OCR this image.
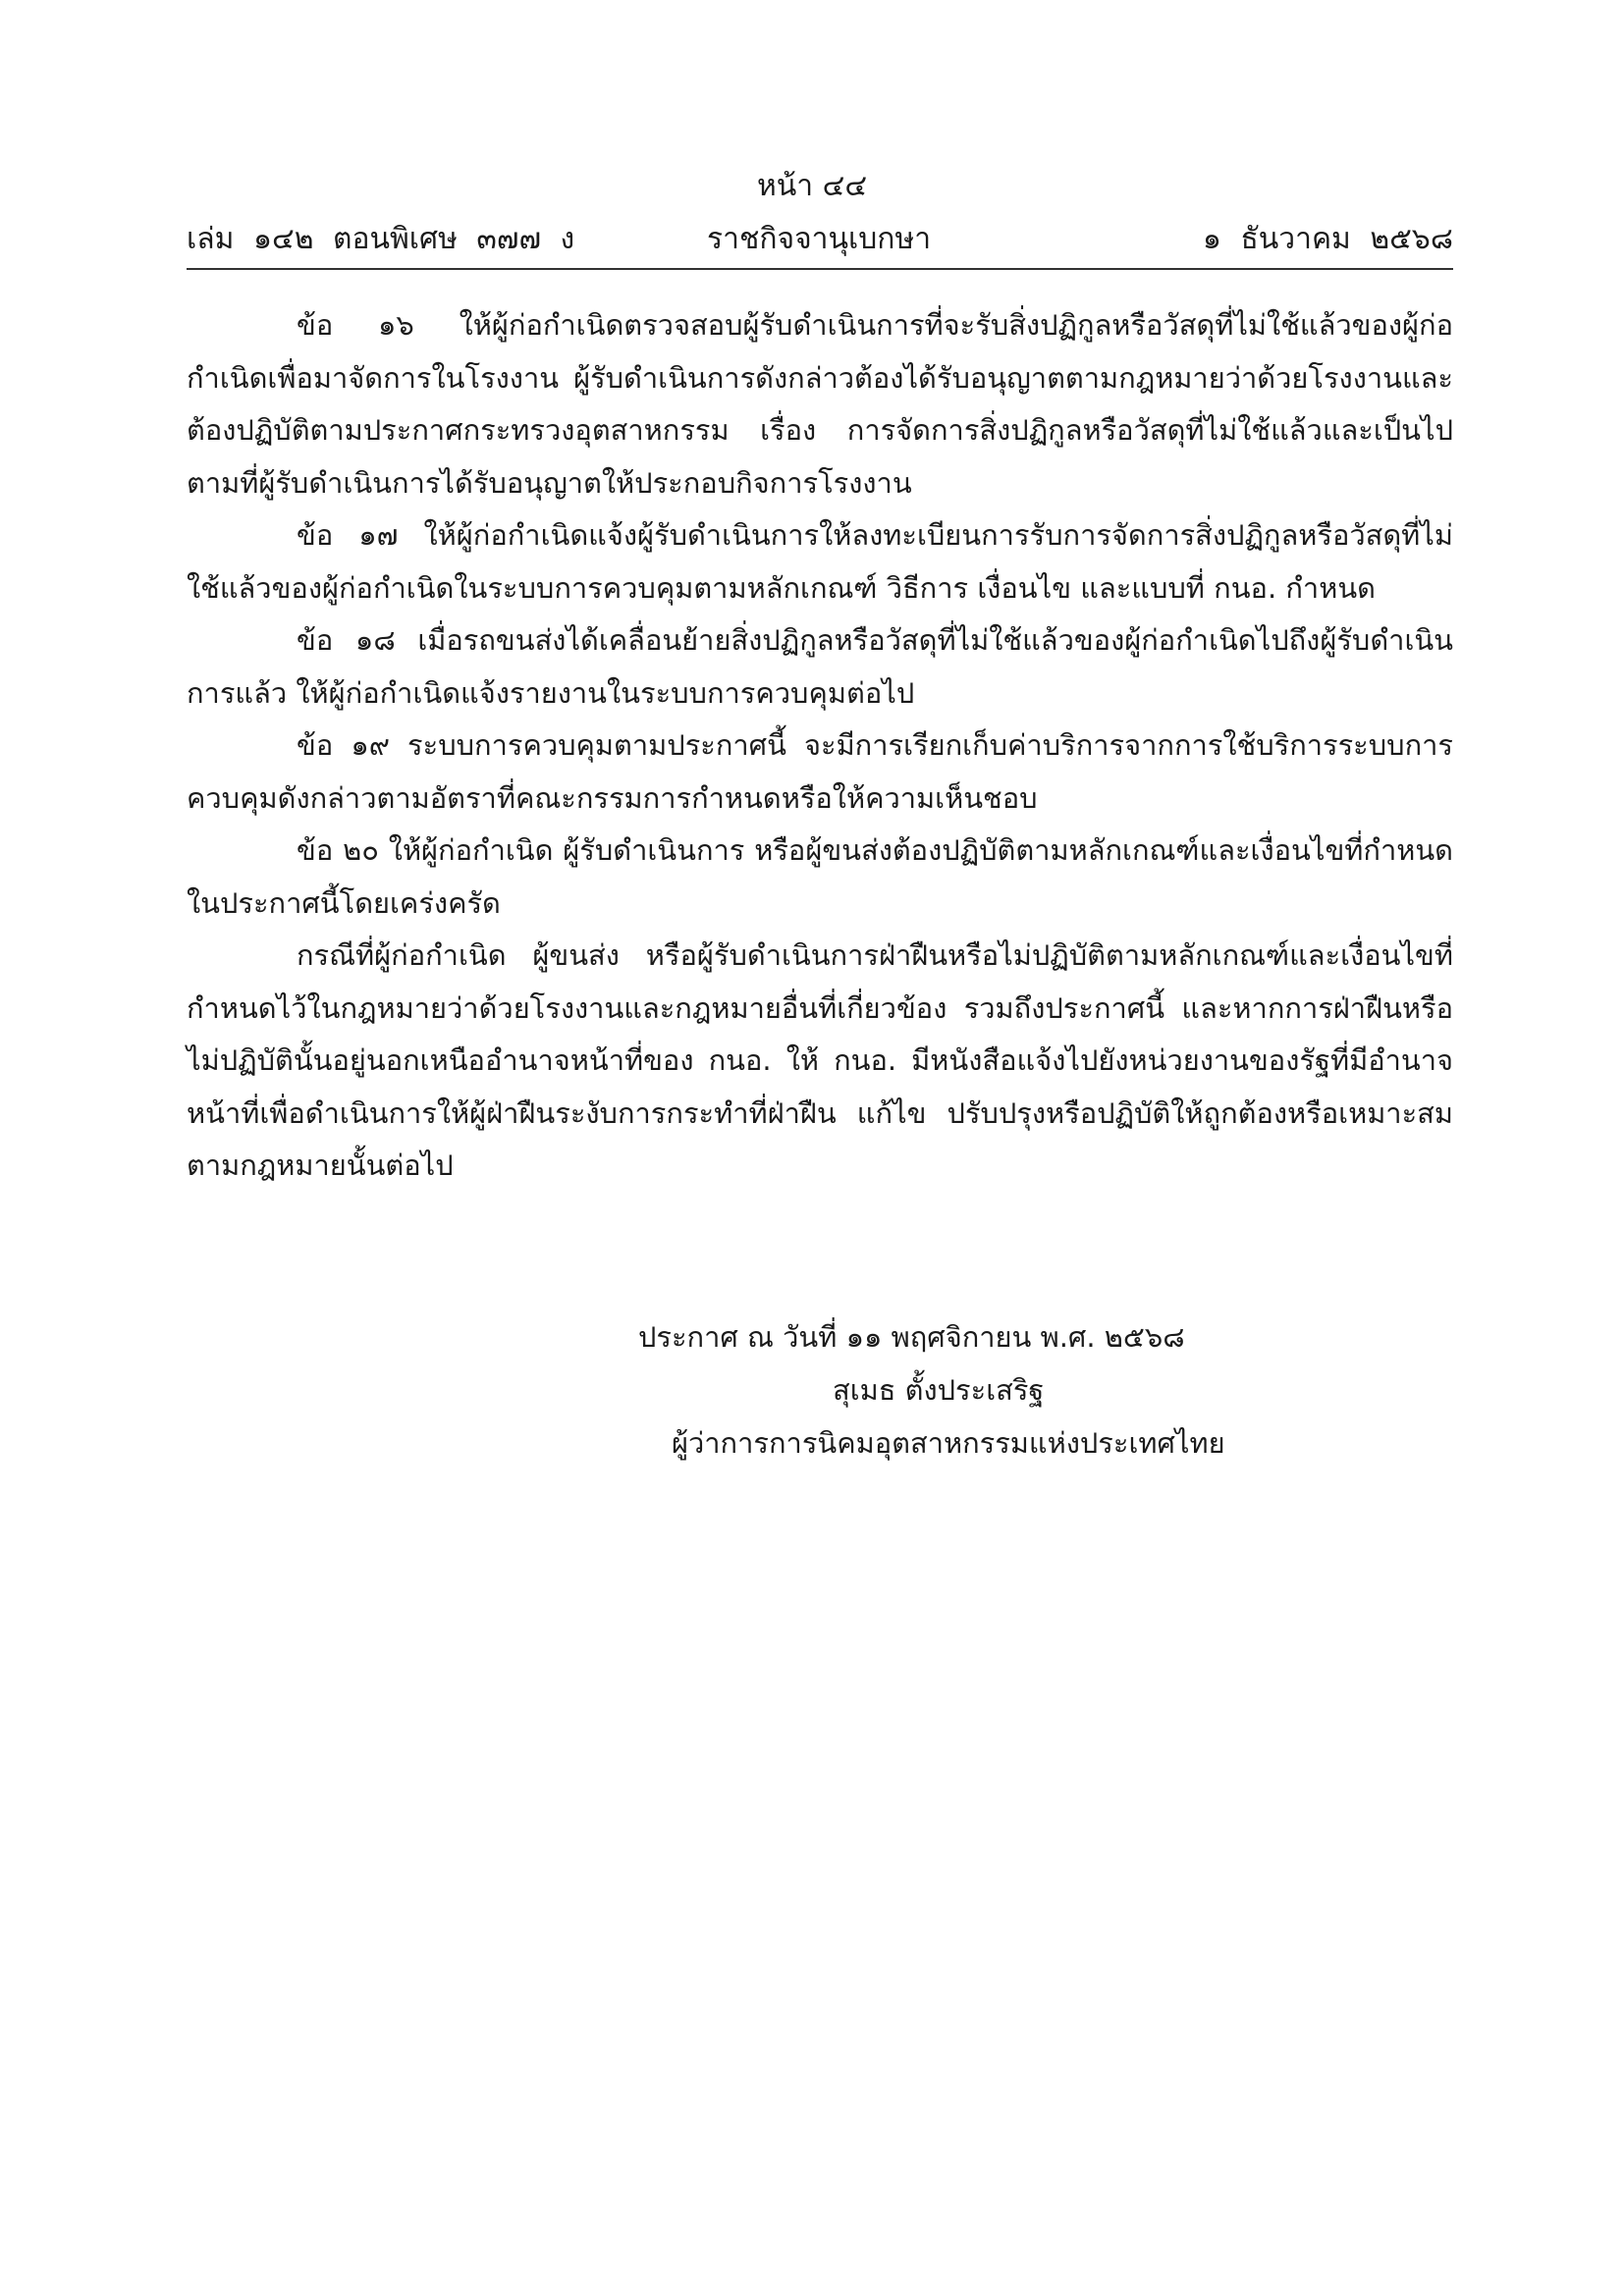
หน้า ๔๔
เล่ม ๑๔๒ ตอนพิเศษ ๓๗๗ ง	ราชกิจจานุเบกษา	๑ ธันวาคม ๒๕๖๘

ข้อ ๑๖ ให้ผู้ก่อกำเนิดตรวจสอบผู้รับดำเนินการที่จะรับสิ่งปฏิกูลหรือวัสดุที่ไม่ใช้แล้วของผู้ก่อกำเนิดเพื่อมาจัดการในโรงงาน ผู้รับดำเนินการดังกล่าวต้องได้รับอนุญาตตามกฎหมายว่าด้วยโรงงานและต้องปฏิบัติตามประกาศกระทรวงอุตสาหกรรม เรื่อง การจัดการสิ่งปฏิกูลหรือวัสดุที่ไม่ใช้แล้วและเป็นไปตามที่ผู้รับดำเนินการได้รับอนุญาตให้ประกอบกิจการโรงงาน

ข้อ ๑๗ ให้ผู้ก่อกำเนิดแจ้งผู้รับดำเนินการให้ลงทะเบียนการรับการจัดการสิ่งปฏิกูลหรือวัสดุที่ไม่ใช้แล้วของผู้ก่อกำเนิดในระบบการควบคุมตามหลักเกณฑ์ วิธีการ เงื่อนไข และแบบที่ กนอ. กำหนด

ข้อ ๑๘ เมื่อรถขนส่งได้เคลื่อนย้ายสิ่งปฏิกูลหรือวัสดุที่ไม่ใช้แล้วของผู้ก่อกำเนิดไปถึงผู้รับดำเนินการแล้ว ให้ผู้ก่อกำเนิดแจ้งรายงานในระบบการควบคุมต่อไป

ข้อ ๑๙ ระบบการควบคุมตามประกาศนี้ จะมีการเรียกเก็บค่าบริการจากการใช้บริการระบบการควบคุมดังกล่าวตามอัตราที่คณะกรรมการกำหนดหรือให้ความเห็นชอบ

ข้อ ๒๐ ให้ผู้ก่อกำเนิด ผู้รับดำเนินการ หรือผู้ขนส่งต้องปฏิบัติตามหลักเกณฑ์และเงื่อนไขที่กำหนดในประกาศนี้โดยเคร่งครัด

กรณีที่ผู้ก่อกำเนิด ผู้ขนส่ง หรือผู้รับดำเนินการฝ่าฝืนหรือไม่ปฏิบัติตามหลักเกณฑ์และเงื่อนไขที่กำหนดไว้ในกฎหมายว่าด้วยโรงงานและกฎหมายอื่นที่เกี่ยวข้อง รวมถึงประกาศนี้ และหากการฝ่าฝืนหรือไม่ปฏิบัตินั้นอยู่นอกเหนืออำนาจหน้าที่ของ กนอ. ให้ กนอ. มีหนังสือแจ้งไปยังหน่วยงานของรัฐที่มีอำนาจหน้าที่เพื่อดำเนินการให้ผู้ฝ่าฝืนระงับการกระทำที่ฝ่าฝืน แก้ไข ปรับปรุงหรือปฏิบัติให้ถูกต้องหรือเหมาะสมตามกฎหมายนั้นต่อไป

ประกาศ ณ วันที่ ๑๑ พฤศจิกายน พ.ศ. ๒๕๖๘
สุเมธ ตั้งประเสริฐ
ผู้ว่าการการนิคมอุตสาหกรรมแห่งประเทศไทย
